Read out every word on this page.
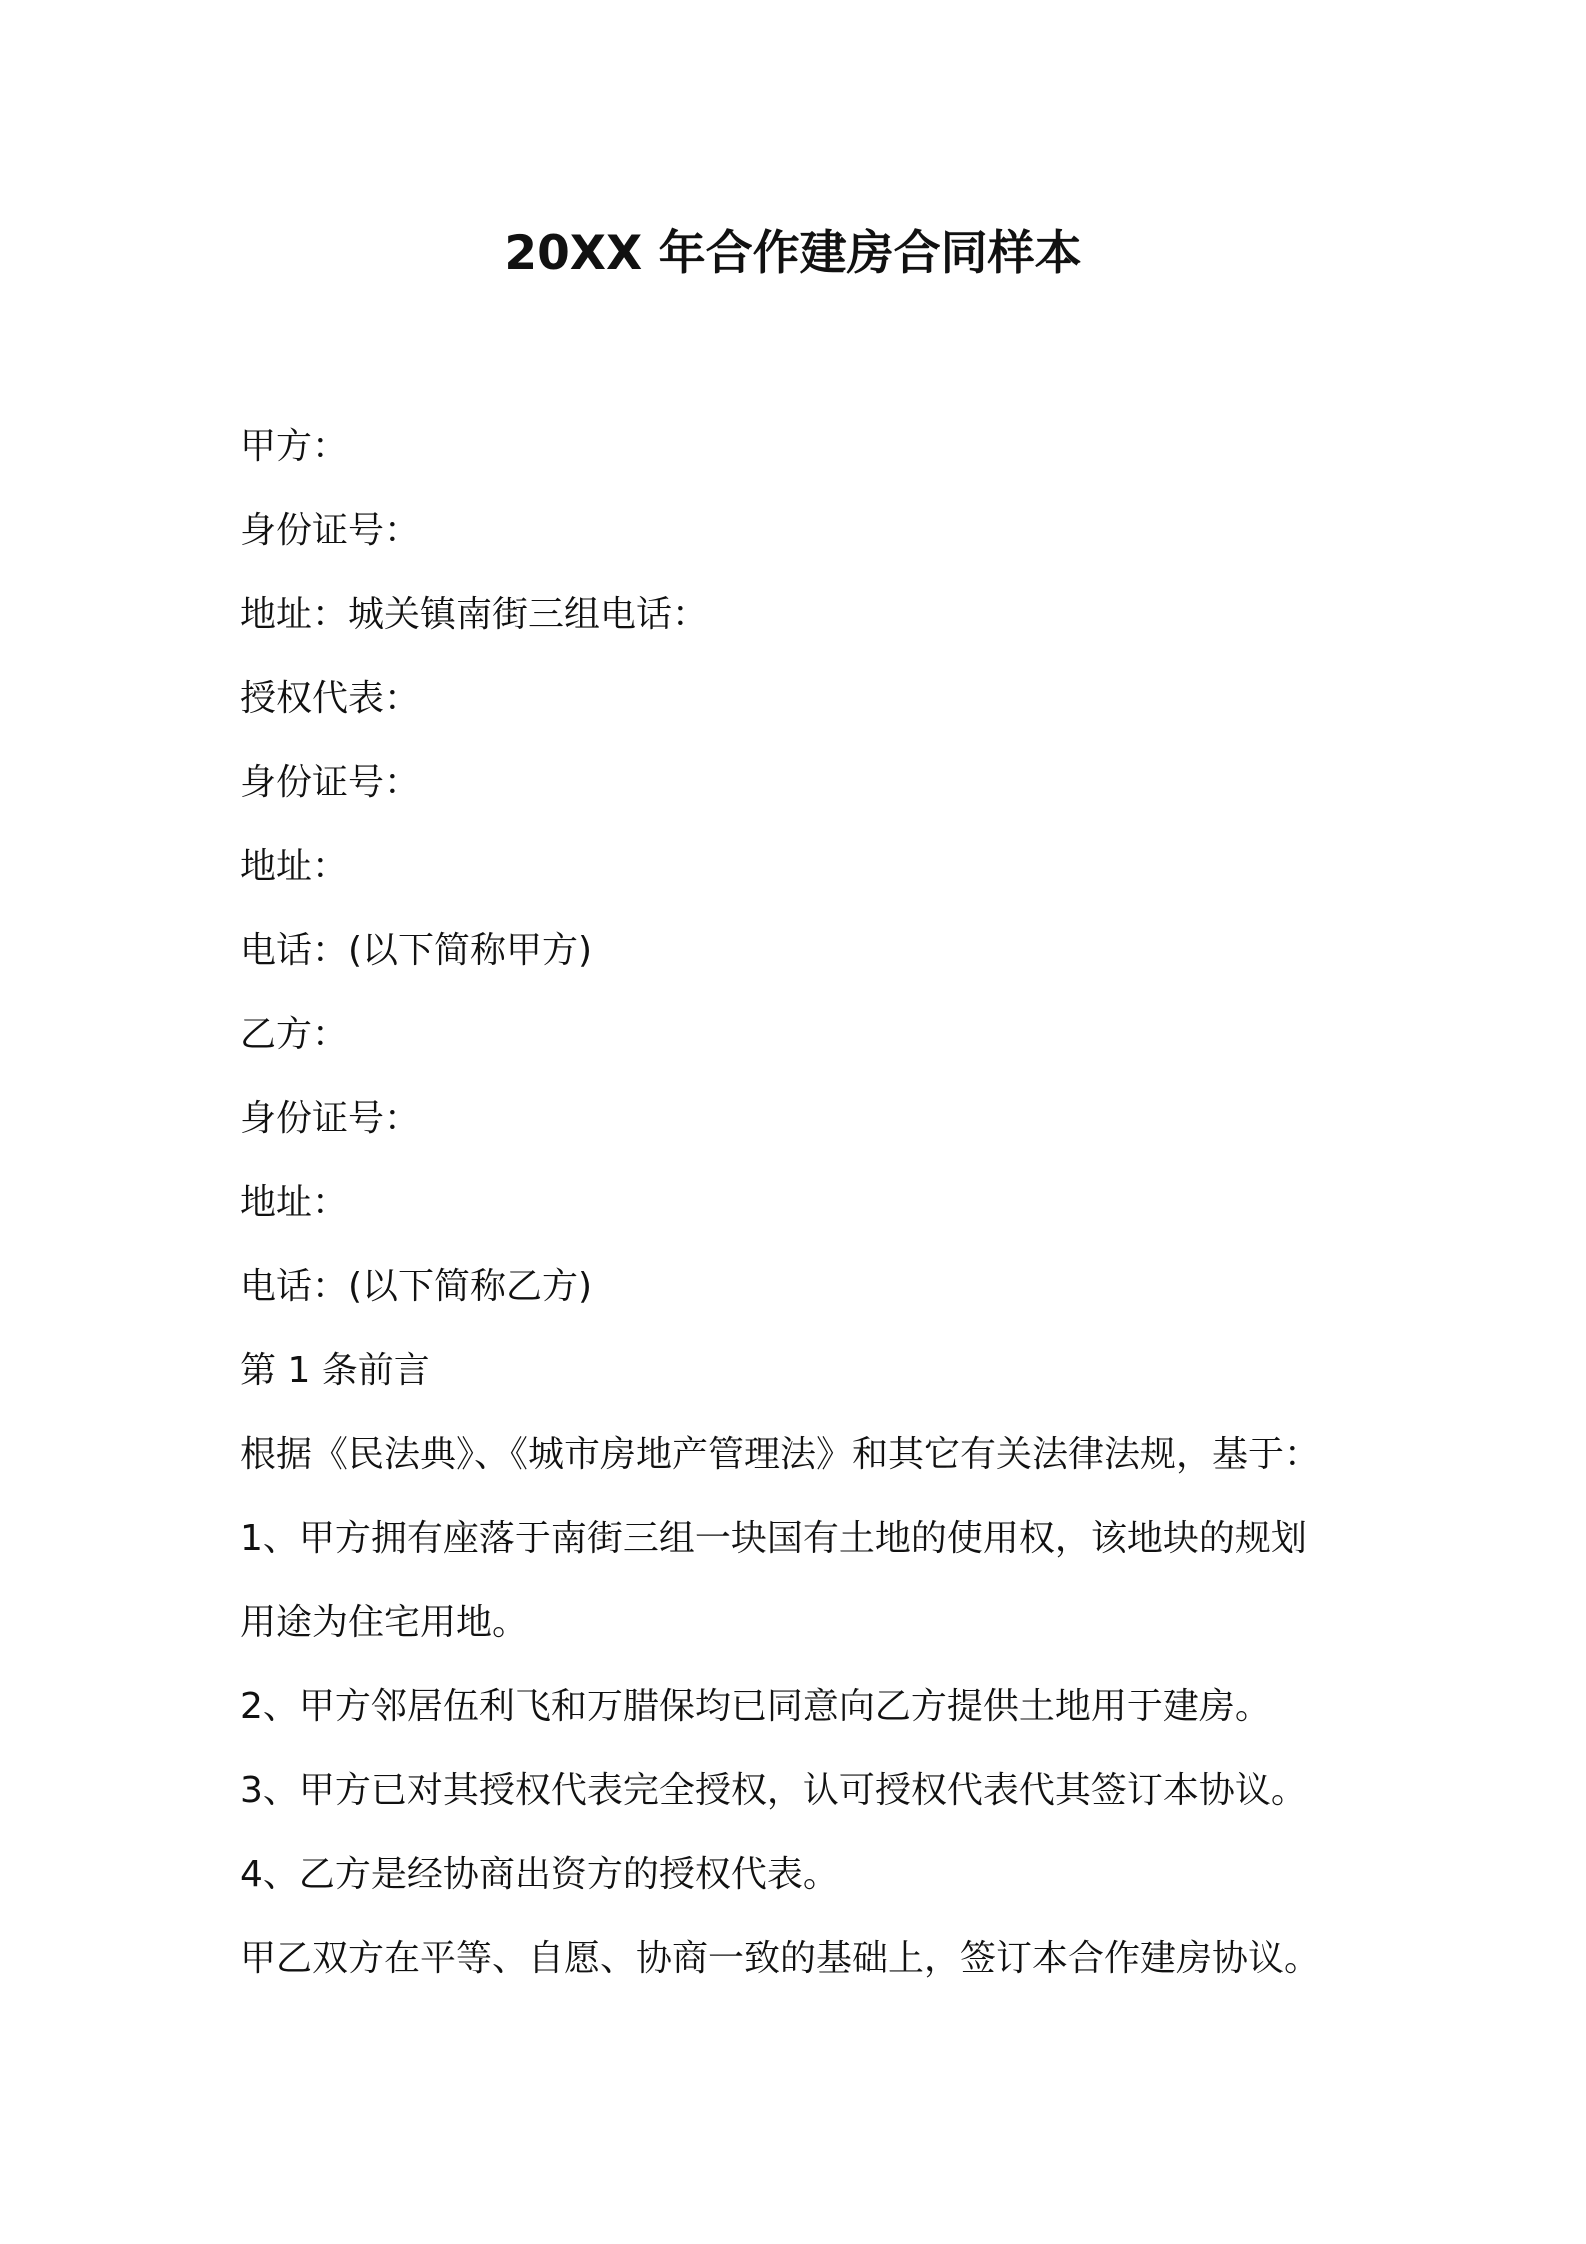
20XX 年合作建房合同样本
甲方：
身份证号：
地址：城关镇南街三组电话：
授权代表：
身份证号：
地址：
电话：(以下简称甲方)
乙方：
身份证号：
地址：
电话：(以下简称乙方)
第 1 条前言
根据《民法典》、《城市房地产管理法》和其它有关法律法规，基于：
1、甲方拥有座落于南街三组一块国有土地的使用权，该地块的规划
用途为住宅用地。
2、甲方邻居伍利飞和万腊保均已同意向乙方提供土地用于建房。
3、甲方已对其授权代表完全授权，认可授权代表代其签订本协议。
4、乙方是经协商出资方的授权代表。
甲乙双方在平等、自愿、协商一致的基础上，签订本合作建房协议。
